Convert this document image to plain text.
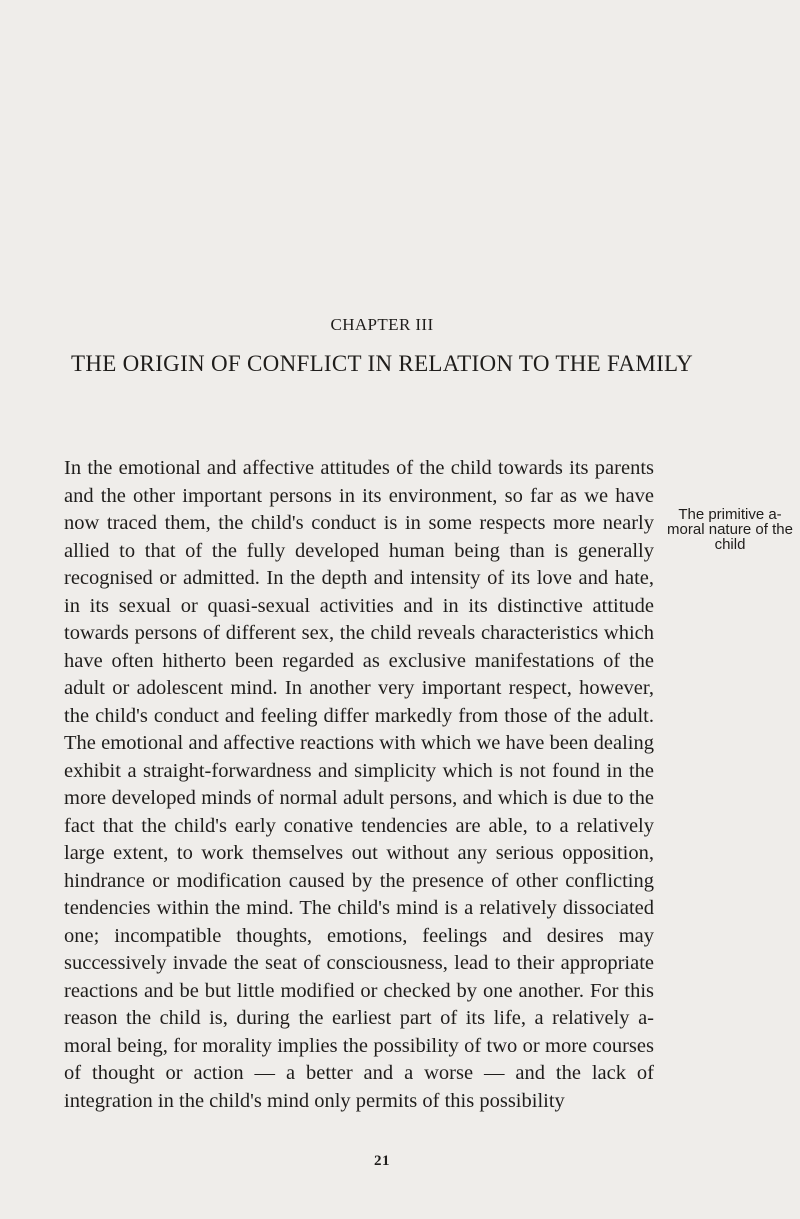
CHAPTER III
THE ORIGIN OF CONFLICT IN RELATION TO THE FAMILY
In the emotional and affective attitudes of the child towards its parents and the other important persons in its environment, so far as we have now traced them, the child's conduct is in some respects more nearly allied to that of the fully developed human being than is generally recognised or admitted. In the depth and intensity of its love and hate, in its sexual or quasi-sexual activities and in its distinctive attitude towards persons of different sex, the child reveals characteristics which have often hitherto been regarded as exclusive manifestations of the adult or adolescent mind. In another very important respect, however, the child's conduct and feeling differ markedly from those of the adult. The emotional and affective reactions with which we have been dealing exhibit a straight-forwardness and simplicity which is not found in the more developed minds of normal adult persons, and which is due to the fact that the child's early conative tendencies are able, to a relatively large extent, to work themselves out without any serious opposition, hindrance or modification caused by the presence of other conflicting tendencies within the mind. The child's mind is a relatively dissociated one; incompatible thoughts, emotions, feelings and desires may successively invade the seat of consciousness, lead to their appropriate reactions and be but little modified or checked by one another. For this reason the child is, during the earliest part of its life, a relatively a-moral being, for morality implies the possibility of two or more courses of thought or action — a better and a worse — and the lack of integration in the child's mind only permits of this possibility
The primitive a-moral nature of the child
21
